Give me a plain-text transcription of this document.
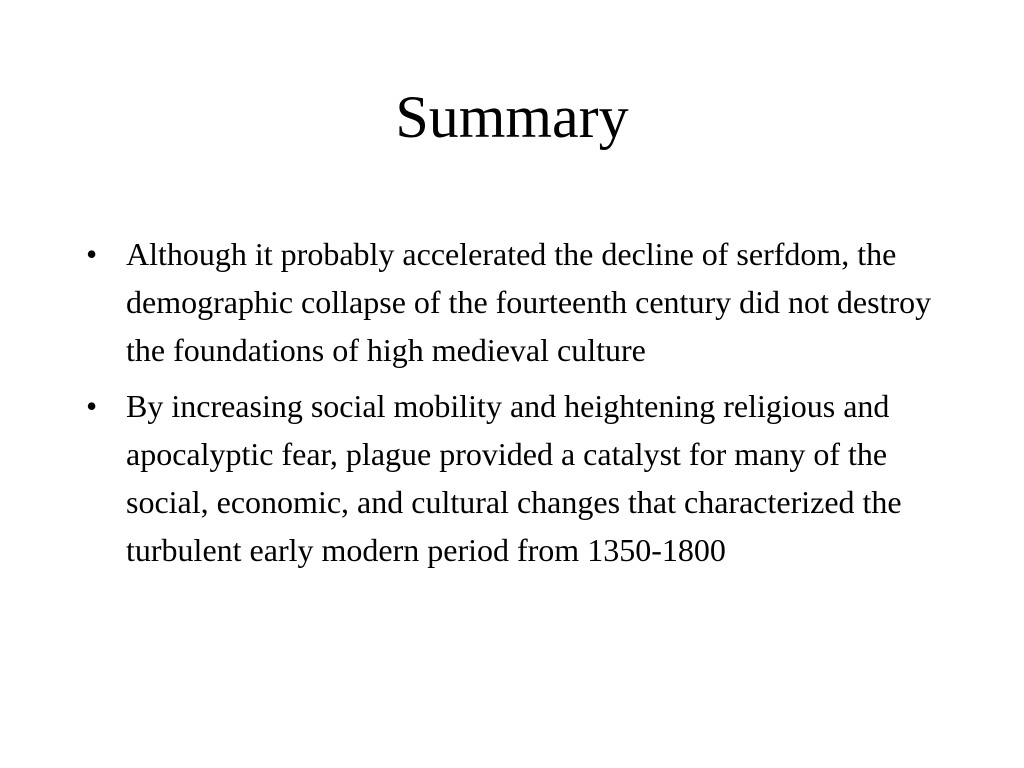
Summary
• Although it probably accelerated the decline of serfdom, the demographic collapse of the fourteenth century did not destroy the foundations of high medieval culture
• By increasing social mobility and heightening religious and apocalyptic fear, plague provided a catalyst for many of the social, economic, and cultural changes that characterized the turbulent early modern period from 1350-1800
